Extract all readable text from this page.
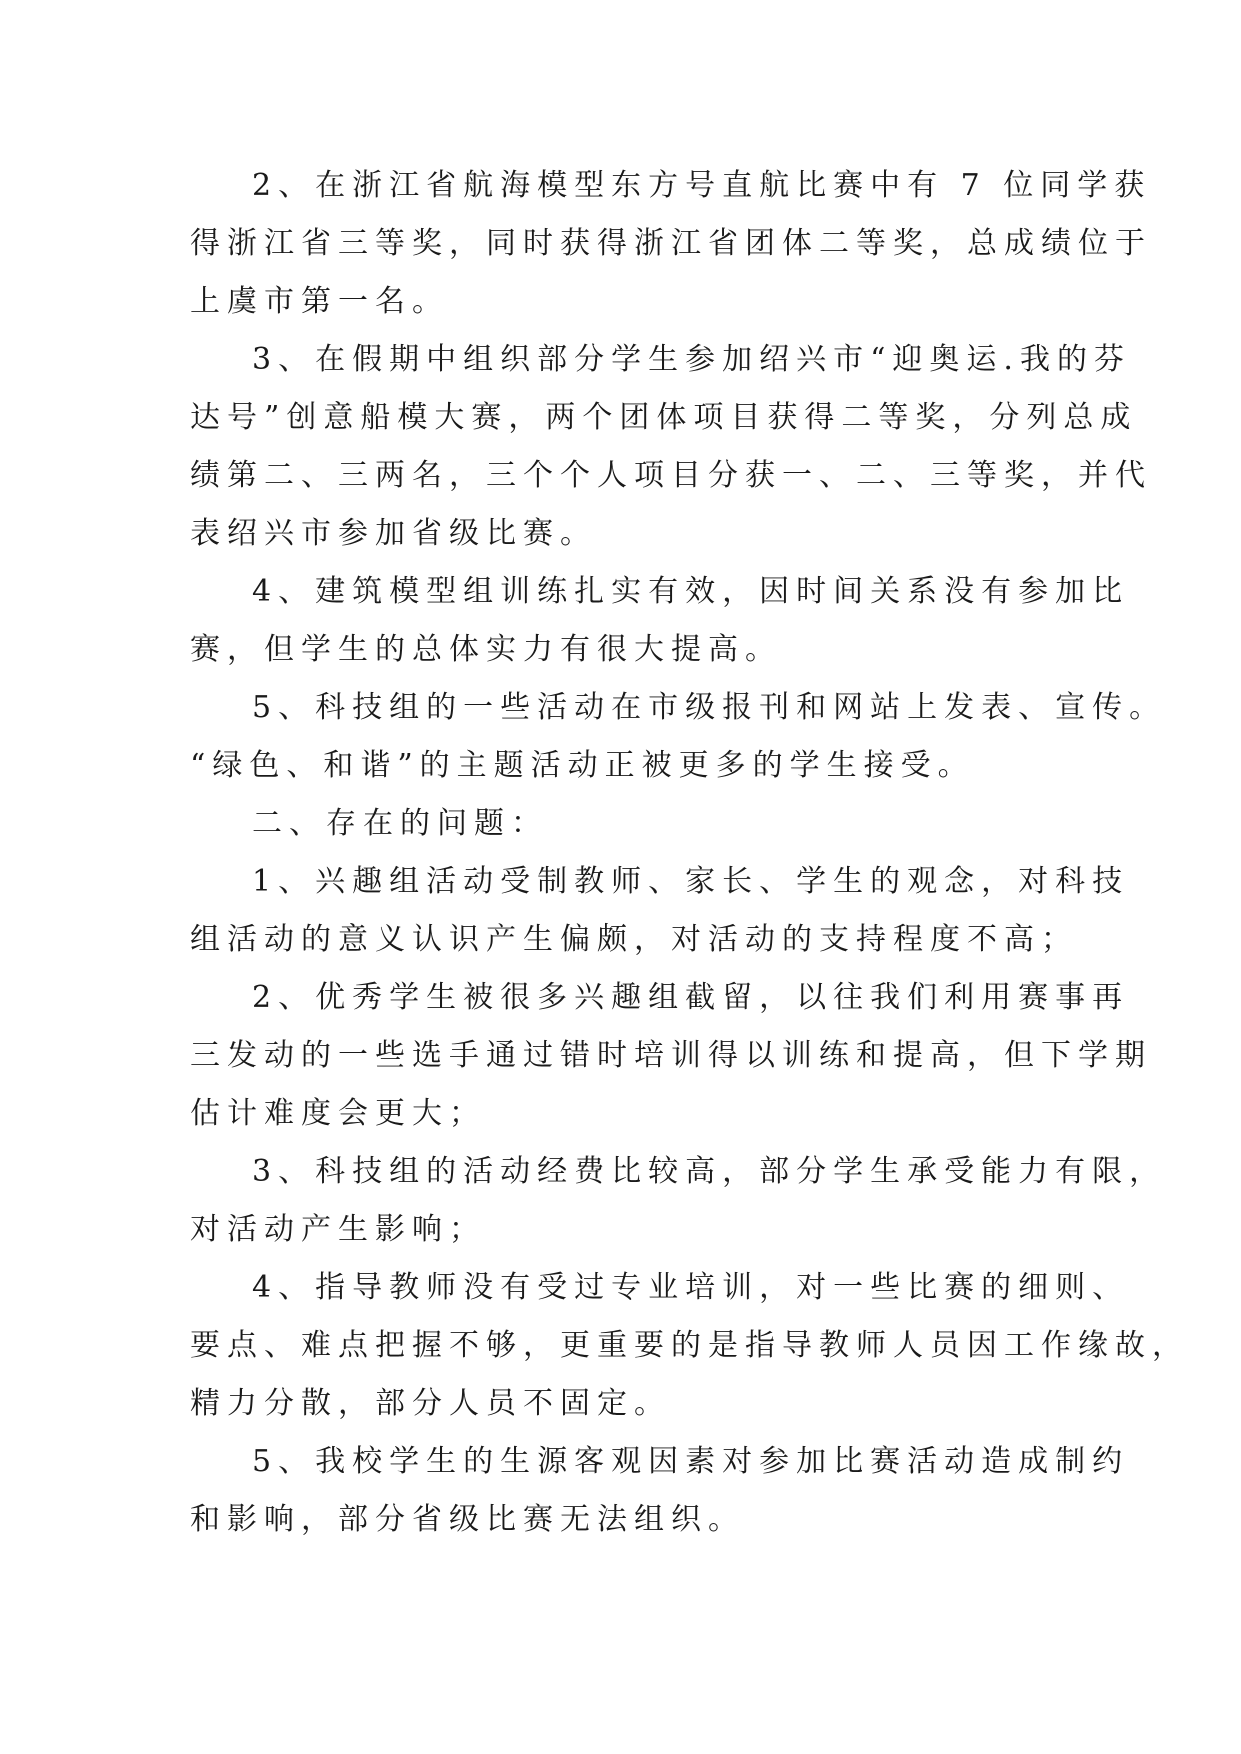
2、在浙江省航海模型东方号直航比赛中有 7 位同学获
得浙江省三等奖，同时获得浙江省团体二等奖，总成绩位于
上虞市第一名。

3、在假期中组织部分学生参加绍兴市“迎奥运.我的芬
达号”创意船模大赛，两个团体项目获得二等奖，分列总成
绩第二、三两名，三个个人项目分获一、二、三等奖，并代
表绍兴市参加省级比赛。

4、建筑模型组训练扎实有效，因时间关系没有参加比
赛，但学生的总体实力有很大提高。

5、科技组的一些活动在市级报刊和网站上发表、宣传。
“绿色、和谐”的主题活动正被更多的学生接受。

二、存在的问题：

1、兴趣组活动受制教师、家长、学生的观念，对科技
组活动的意义认识产生偏颇，对活动的支持程度不高；

2、优秀学生被很多兴趣组截留，以往我们利用赛事再
三发动的一些选手通过错时培训得以训练和提高，但下学期
估计难度会更大；

3、科技组的活动经费比较高，部分学生承受能力有限，
对活动产生影响；

4、指导教师没有受过专业培训，对一些比赛的细则、
要点、难点把握不够，更重要的是指导教师人员因工作缘故，
精力分散，部分人员不固定。

5、我校学生的生源客观因素对参加比赛活动造成制约
和影响，部分省级比赛无法组织。
